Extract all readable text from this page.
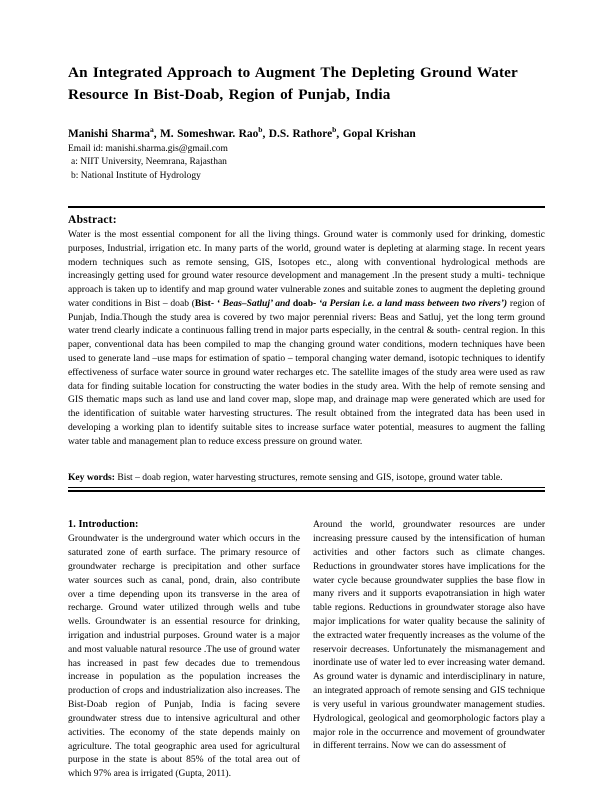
An Integrated Approach to Augment The Depleting Ground Water
Resource In Bist-Doab, Region of Punjab, India
Manishi Sharma$^a$, M. Someshwar. Rao$^b$, D.S. Rathore$^b$, Gopal Krishan
Email id: manishi.sharma.gis@gmail.com
a: NIIT University, Neemrana, Rajasthan
b: National Institute of Hydrology
Abstract:
Water is the most essential component for all the living things. Ground water is commonly used for drinking, domestic purposes, Industrial, irrigation etc. In many parts of the world, ground water is depleting at alarming stage. In recent years modern techniques such as remote sensing, GIS, Isotopes etc., along with conventional hydrological methods are increasingly getting used for ground water resource development and management .In the present study a multi- technique approach is taken up to identify and map ground water vulnerable zones and suitable zones to augment the depleting ground water conditions in Bist – doab (Bist- ‘ Beas–Satluj’ and doab- ‘a Persian i.e. a land mass between two rivers’) region of Punjab, India.Though the study area is covered by two major perennial rivers: Beas and Satluj, yet the long term ground water trend clearly indicate a continuous falling trend in major parts especially, in the central & south- central region. In this paper, conventional data has been compiled to map the changing ground water conditions, modern techniques have been used to generate land –use maps for estimation of spatio – temporal changing water demand, isotopic techniques to identify effectiveness of surface water source in ground water recharges etc. The satellite images of the study area were used as raw data for finding suitable location for constructing the water bodies in the study area. With the help of remote sensing and GIS thematic maps such as land use and land cover map, slope map, and drainage map were generated which are used for the identification of suitable water harvesting structures. The result obtained from the integrated data has been used in developing a working plan to identify suitable sites to increase surface water potential, measures to augment the falling water table and management plan to reduce excess pressure on ground water.
Key words: Bist – doab region, water harvesting structures, remote sensing and GIS, isotope, ground water table.
1. Introduction:

Groundwater is the underground water which occurs in the saturated zone of earth surface. The primary resource of groundwater recharge is precipitation and other surface water sources such as canal, pond, drain, also contribute over a time depending upon its transverse in the area of recharge. Ground water utilized through wells and tube wells. Groundwater is an essential resource for drinking, irrigation and industrial purposes. Ground water is a major and most valuable natural resource .The use of ground water has increased in past few decades due to tremendous increase in population as the population increases the production of crops and industrialization also increases. The Bist-Doab region of Punjab, India is facing severe groundwater stress due to intensive agricultural and other activities. The economy of the state depends mainly on agriculture. The total geographic area used for agricultural purpose in the state is about 85% of the total area out of which 97% area is irrigated (Gupta, 2011).

Around the world, groundwater resources are under increasing pressure caused by the intensification of human activities and other factors such as climate changes. Reductions in groundwater stores have implications for the water cycle because groundwater supplies the base flow in many rivers and it supports evapotransiation in high water table regions. Reductions in groundwater storage also have major implications for water quality because the salinity of the extracted water frequently increases as the volume of the reservoir decreases. Unfortunately the mismanagement and inordinate use of water led to ever increasing water demand. As ground water is dynamic and interdisciplinary in nature, an integrated approach of remote sensing and GIS technique is very useful in various groundwater management studies. Hydrological, geological and geomorphologic factors play a major role in the occurrence and movement of groundwater in different terrains. Now we can do assessment of
